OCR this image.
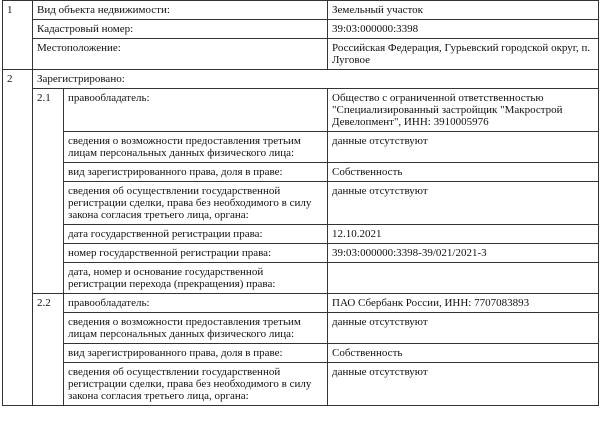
1	Вид объекта недвижимости:		Земельный участок
	Кадастровый номер:		39:03:000000:3398
	Местоположение:		Российская Федерация, Гурьевский городской округ, п. Луговое
2	Зарегистрировано:		
	2.1	правообладатель:	Общество с ограниченной ответственностью "Специализированный застройщик "Макрострой Девелопмент", ИНН: 3910005976
		сведения о возможности предоставления третьим лицам персональных данных физического лица:	данные отсутствуют
		вид зарегистрированного права, доля в праве:	Собственность
		сведения об осуществлении государственной регистрации сделки, права без необходимого в силу закона согласия третьего лица, органа:	данные отсутствуют
		дата государственной регистрации права:	12.10.2021
		номер государственной регистрации права:	39:03:000000:3398-39/021/2021-3
		дата, номер и основание государственной регистрации перехода (прекращения) права:	
	2.2	правообладатель:	ПАО Сбербанк России, ИНН: 7707083893
		сведения о возможности предоставления третьим лицам персональных данных физического лица:	данные отсутствуют
		вид зарегистрированного права, доля в праве:	Собственность
		сведения об осуществлении государственной регистрации сделки, права без необходимого в силу закона согласия третьего лица, органа:	данные отсутствуют
